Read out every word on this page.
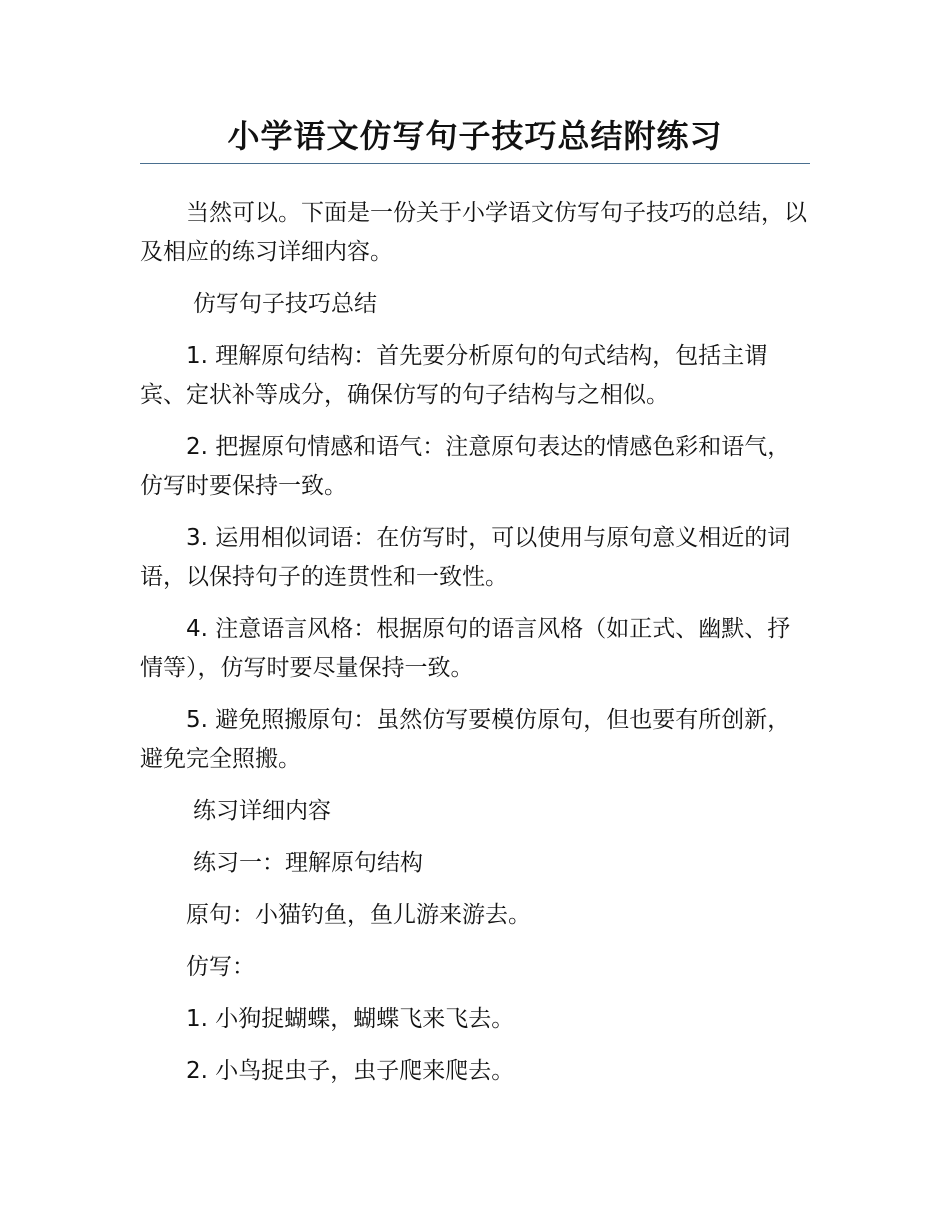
小学语文仿写句子技巧总结附练习

当然可以。下面是一份关于小学语文仿写句子技巧的总结，以及相应的练习详细内容。

仿写句子技巧总结

1. 理解原句结构：首先要分析原句的句式结构，包括主谓宾、定状补等成分，确保仿写的句子结构与之相似。

2. 把握原句情感和语气：注意原句表达的情感色彩和语气，仿写时要保持一致。

3. 运用相似词语：在仿写时，可以使用与原句意义相近的词语，以保持句子的连贯性和一致性。

4. 注意语言风格：根据原句的语言风格（如正式、幽默、抒情等），仿写时要尽量保持一致。

5. 避免照搬原句：虽然仿写要模仿原句，但也要有所创新，避免完全照搬。

练习详细内容

练习一：理解原句结构

原句：小猫钓鱼，鱼儿游来游去。

仿写：

1. 小狗捉蝴蝶，蝴蝶飞来飞去。

2. 小鸟捉虫子，虫子爬来爬去。
